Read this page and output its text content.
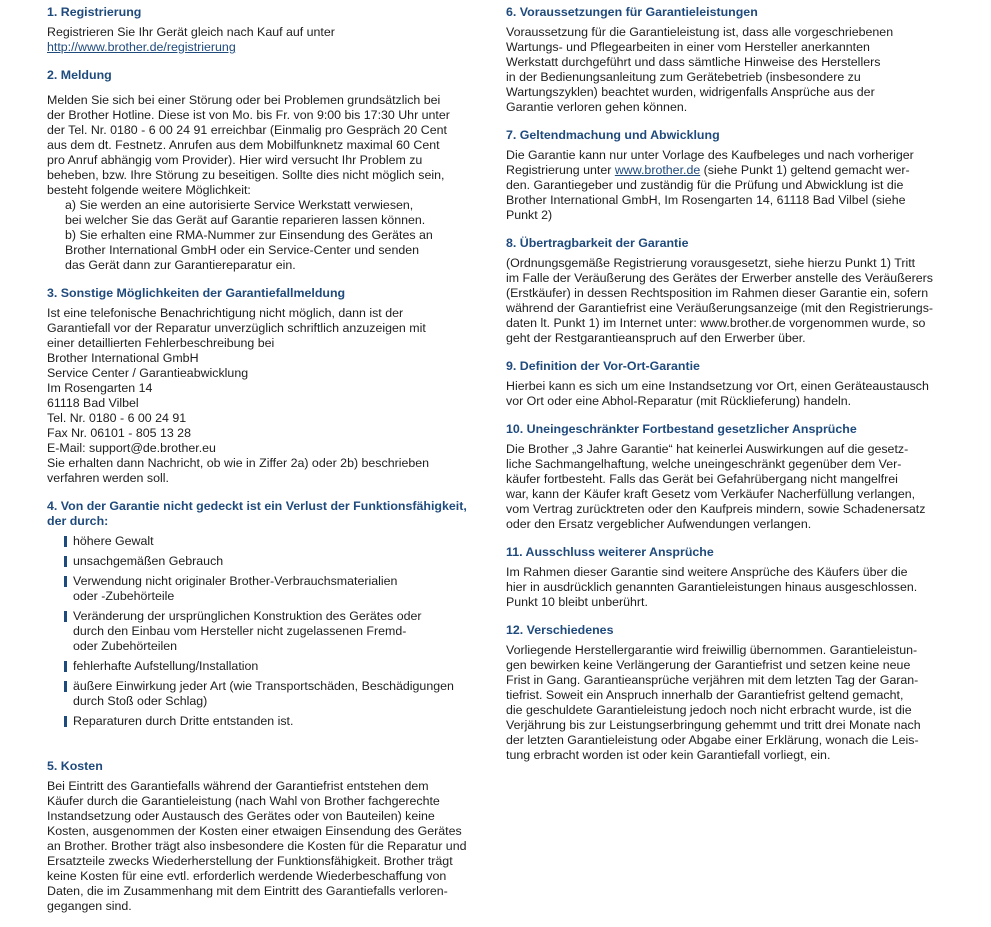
1. Registrierung

Registrieren Sie Ihr Gerät gleich nach Kauf auf unter

http://www.brother.de/registrierung
2. Meldung

Melden Sie sich bei einer Störung oder bei Problemen grundsätzlich bei
der Brother Hotline. Diese ist von Mo. bis Fr. von 9:00 bis 17:30 Uhr unter
der Tel. Nr. 0180 - 6 00 24 91 erreichbar (Einmalig pro Gespräch 20 Cent
aus dem dt. Festnetz. Anrufen aus dem Mobilfunknetz maximal 60 Cent
pro Anruf abhängig vom Provider). Hier wird versucht Ihr Problem zu
beheben, bzw. Ihre Störung zu beseitigen. Sollte dies nicht möglich sein,
besteht folgende weitere Möglichkeit:

a) Sie werden an eine autorisierte Service Werkstatt verwiesen,
bei welcher Sie das Gerät auf Garantie reparieren lassen können.
b) Sie erhalten eine RMA-Nummer zur Einsendung des Gerätes an
Brother International GmbH oder ein Service-Center und senden
das Gerät dann zur Garantiereparatur ein.
3. Sonstige Möglichkeiten der Garantiefallmeldung

Ist eine telefonische Benachrichtigung nicht möglich, dann ist der
Garantiefall vor der Reparatur unverzüglich schriftlich anzuzeigen mit
einer detaillierten Fehlerbeschreibung bei
Brother International GmbH
Service Center / Garantieabwicklung
Im Rosengarten 14
61118 Bad Vilbel
Tel. Nr. 0180 - 6 00 24 91
Fax Nr. 06101 - 805 13 28
E-Mail: support@de.brother.eu
Sie erhalten dann Nachricht, ob wie in Ziffer 2a) oder 2b) beschrieben
verfahren werden soll.

4. Von der Garantie nicht gedeckt ist ein Verlust der Funktionsfähigkeit,
der durch:
höhere Gewalt
unsachgemäßen Gebrauch
Verwendung nicht originaler Brother-Verbrauchsmaterialien
oder -Zubehörteile
Veränderung der ursprünglichen Konstruktion des Gerätes oder
durch den Einbau vom Hersteller nicht zugelassenen Fremd-
oder Zubehörteilen
fehlerhafte Aufstellung/Installation
äußere Einwirkung jeder Art (wie Transportschäden, Beschädigungen
durch Stoß oder Schlag)
Reparaturen durch Dritte entstanden ist.
5. Kosten

Bei Eintritt des Garantiefalls während der Garantiefrist entstehen dem
Käufer durch die Garantieleistung (nach Wahl von Brother fachgerechte
Instandsetzung oder Austausch des Gerätes oder von Bauteilen) keine
Kosten, ausgenommen der Kosten einer etwaigen Einsendung des Gerätes
an Brother. Brother trägt also insbesondere die Kosten für die Reparatur und
Ersatzteile zwecks Wiederherstellung der Funktionsfähigkeit. Brother trägt
keine Kosten für eine evtl. erforderlich werdende Wiederbeschaffung von
Daten, die im Zusammenhang mit dem Eintritt des Garantiefalls verloren-
gegangen sind.

6. Voraussetzungen für Garantieleistungen

Voraussetzung für die Garantieleistung ist, dass alle vorgeschriebenen
Wartungs- und Pflegearbeiten in einer vom Hersteller anerkannten
Werkstatt durchgeführt und dass sämtliche Hinweise des Herstellers
in der Bedienungsanleitung zum Gerätebetrieb (insbesondere zu
Wartungszyklen) beachtet wurden, widrigenfalls Ansprüche aus der
Garantie verloren gehen können.

7. Geltendmachung und Abwicklung

Die Garantie kann nur unter Vorlage des Kaufbeleges und nach vorheriger
Registrierung unter www.brother.de (siehe Punkt 1) geltend gemacht wer-
den. Garantiegeber und zuständig für die Prüfung und Abwicklung ist die
Brother International GmbH, Im Rosengarten 14, 61118 Bad Vilbel (siehe
Punkt 2)

8. Übertragbarkeit der Garantie

(Ordnungsgemäße Registrierung vorausgesetzt, siehe hierzu Punkt 1) Tritt
im Falle der Veräußerung des Gerätes der Erwerber anstelle des Veräußerers
(Erstkäufer) in dessen Rechtsposition im Rahmen dieser Garantie ein, sofern
während der Garantiefrist eine Veräußerungsanzeige (mit den Registrierungs-
daten lt. Punkt 1) im Internet unter: www.brother.de vorgenommen wurde, so
geht der Restgarantieanspruch auf den Erwerber über.

9. Definition der Vor-Ort-Garantie

Hierbei kann es sich um eine Instandsetzung vor Ort, einen Geräteaustausch
vor Ort oder eine Abhol-Reparatur (mit Rücklieferung) handeln.

10. Uneingeschränkter Fortbestand gesetzlicher Ansprüche

Die Brother „3 Jahre Garantie“ hat keinerlei Auswirkungen auf die gesetz-
liche Sachmangelhaftung, welche uneingeschränkt gegenüber dem Ver-
käufer fortbesteht. Falls das Gerät bei Gefahrübergang nicht mangelfrei
war, kann der Käufer kraft Gesetz vom Verkäufer Nacherfüllung verlangen,
vom Vertrag zurücktreten oder den Kaufpreis mindern, sowie Schadenersatz
oder den Ersatz vergeblicher Aufwendungen verlangen.

11. Ausschluss weiterer Ansprüche

Im Rahmen dieser Garantie sind weitere Ansprüche des Käufers über die
hier in ausdrücklich genannten Garantieleistungen hinaus ausgeschlossen.
Punkt 10 bleibt unberührt.

12. Verschiedenes

Vorliegende Herstellergarantie wird freiwillig übernommen. Garantieleistun-
gen bewirken keine Verlängerung der Garantiefrist und setzen keine neue
Frist in Gang. Garantieansprüche verjähren mit dem letzten Tag der Garan-
tiefrist. Soweit ein Anspruch innerhalb der Garantiefrist geltend gemacht,
die geschuldete Garantieleistung jedoch noch nicht erbracht wurde, ist die
Verjährung bis zur Leistungserbringung gehemmt und tritt drei Monate nach
der letzten Garantieleistung oder Abgabe einer Erklärung, wonach die Leis-
tung erbracht worden ist oder kein Garantiefall vorliegt, ein.
